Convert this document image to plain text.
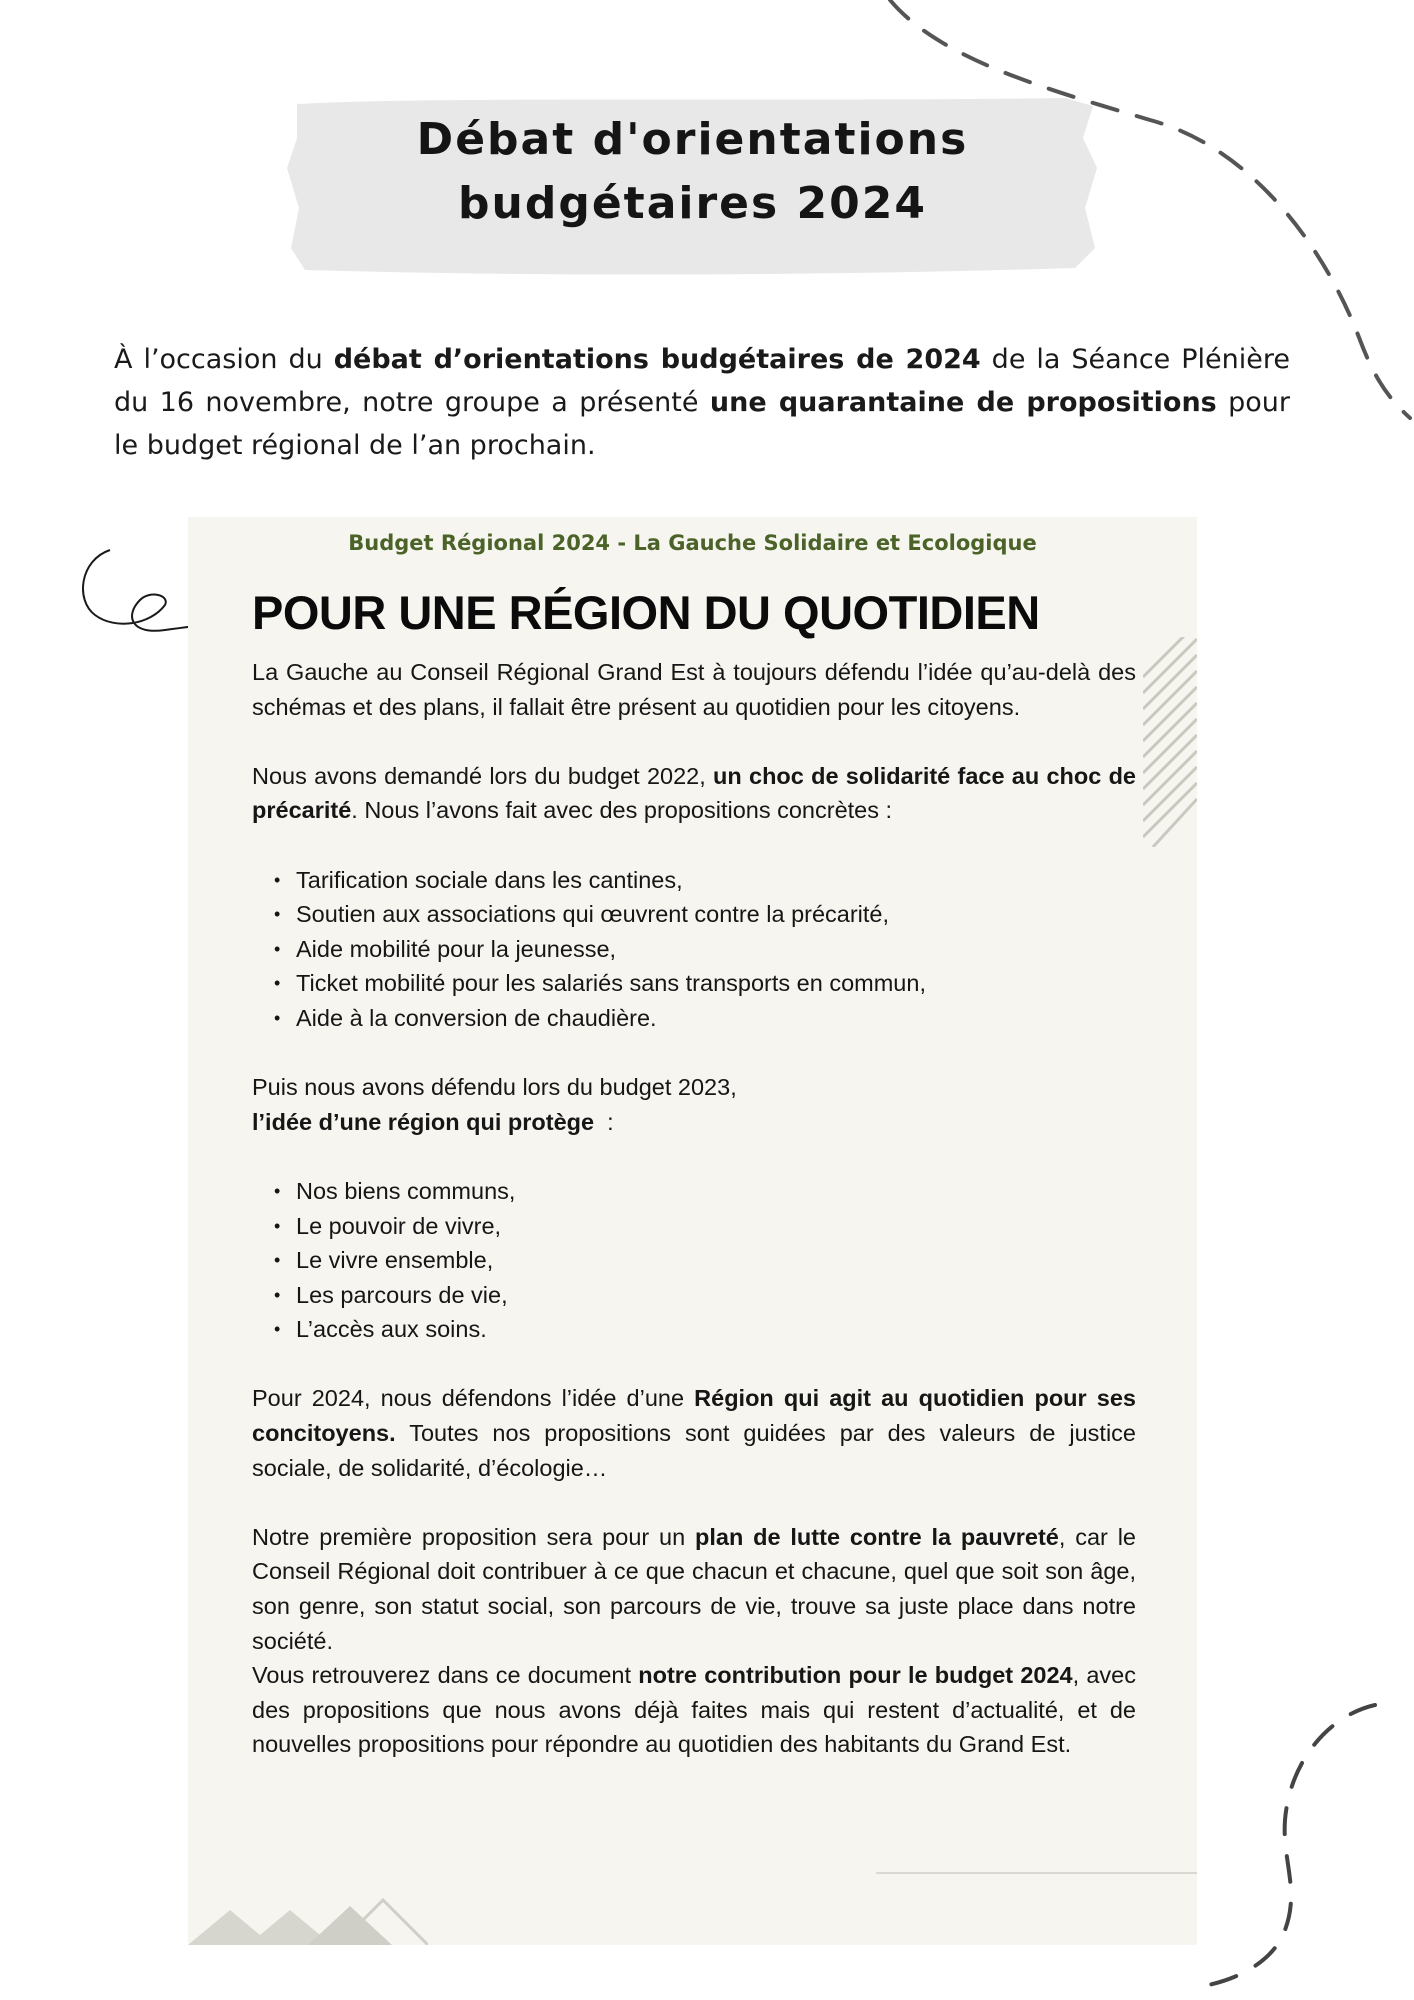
Débat d'orientations
budgétaires 2024

À l’occasion du débat d’orientations budgétaires de 2024 de la Séance Plénière du 16 novembre, notre groupe a présenté une quarantaine de propositions pour le budget régional de l’an prochain.

Budget Régional 2024 - La Gauche Solidaire et Ecologique
POUR UNE RÉGION DU QUOTIDIEN

La Gauche au Conseil Régional Grand Est à toujours défendu l’idée qu’au-delà des schémas et des plans, il fallait être présent au quotidien pour les citoyens.

Nous avons demandé lors du budget 2022, un choc de solidarité face au choc de précarité. Nous l’avons fait avec des propositions concrètes :

• Tarification sociale dans les cantines,
• Soutien aux associations qui œuvrent contre la précarité,
• Aide mobilité pour la jeunesse,
• Ticket mobilité pour les salariés sans transports en commun,
• Aide à la conversion de chaudière.

Puis nous avons défendu lors du budget 2023,
l’idée d’une région qui protège  :

• Nos biens communs,
• Le pouvoir de vivre,
• Le vivre ensemble,
• Les parcours de vie,
• L’accès aux soins.

Pour 2024, nous défendons l’idée d’une Région qui agit au quotidien pour ses concitoyens. Toutes nos propositions sont guidées par des valeurs de justice sociale, de solidarité, d’écologie…

Notre première proposition sera pour un plan de lutte contre la pauvreté, car le Conseil Régional doit contribuer à ce que chacun et chacune, quel que soit son âge, son genre, son statut social, son parcours de vie, trouve sa juste place dans notre société.

Vous retrouverez dans ce document notre contribution pour le budget 2024, avec des propositions que nous avons déjà faites mais qui restent d’actualité, et de nouvelles propositions pour répondre au quotidien des habitants du Grand Est.
